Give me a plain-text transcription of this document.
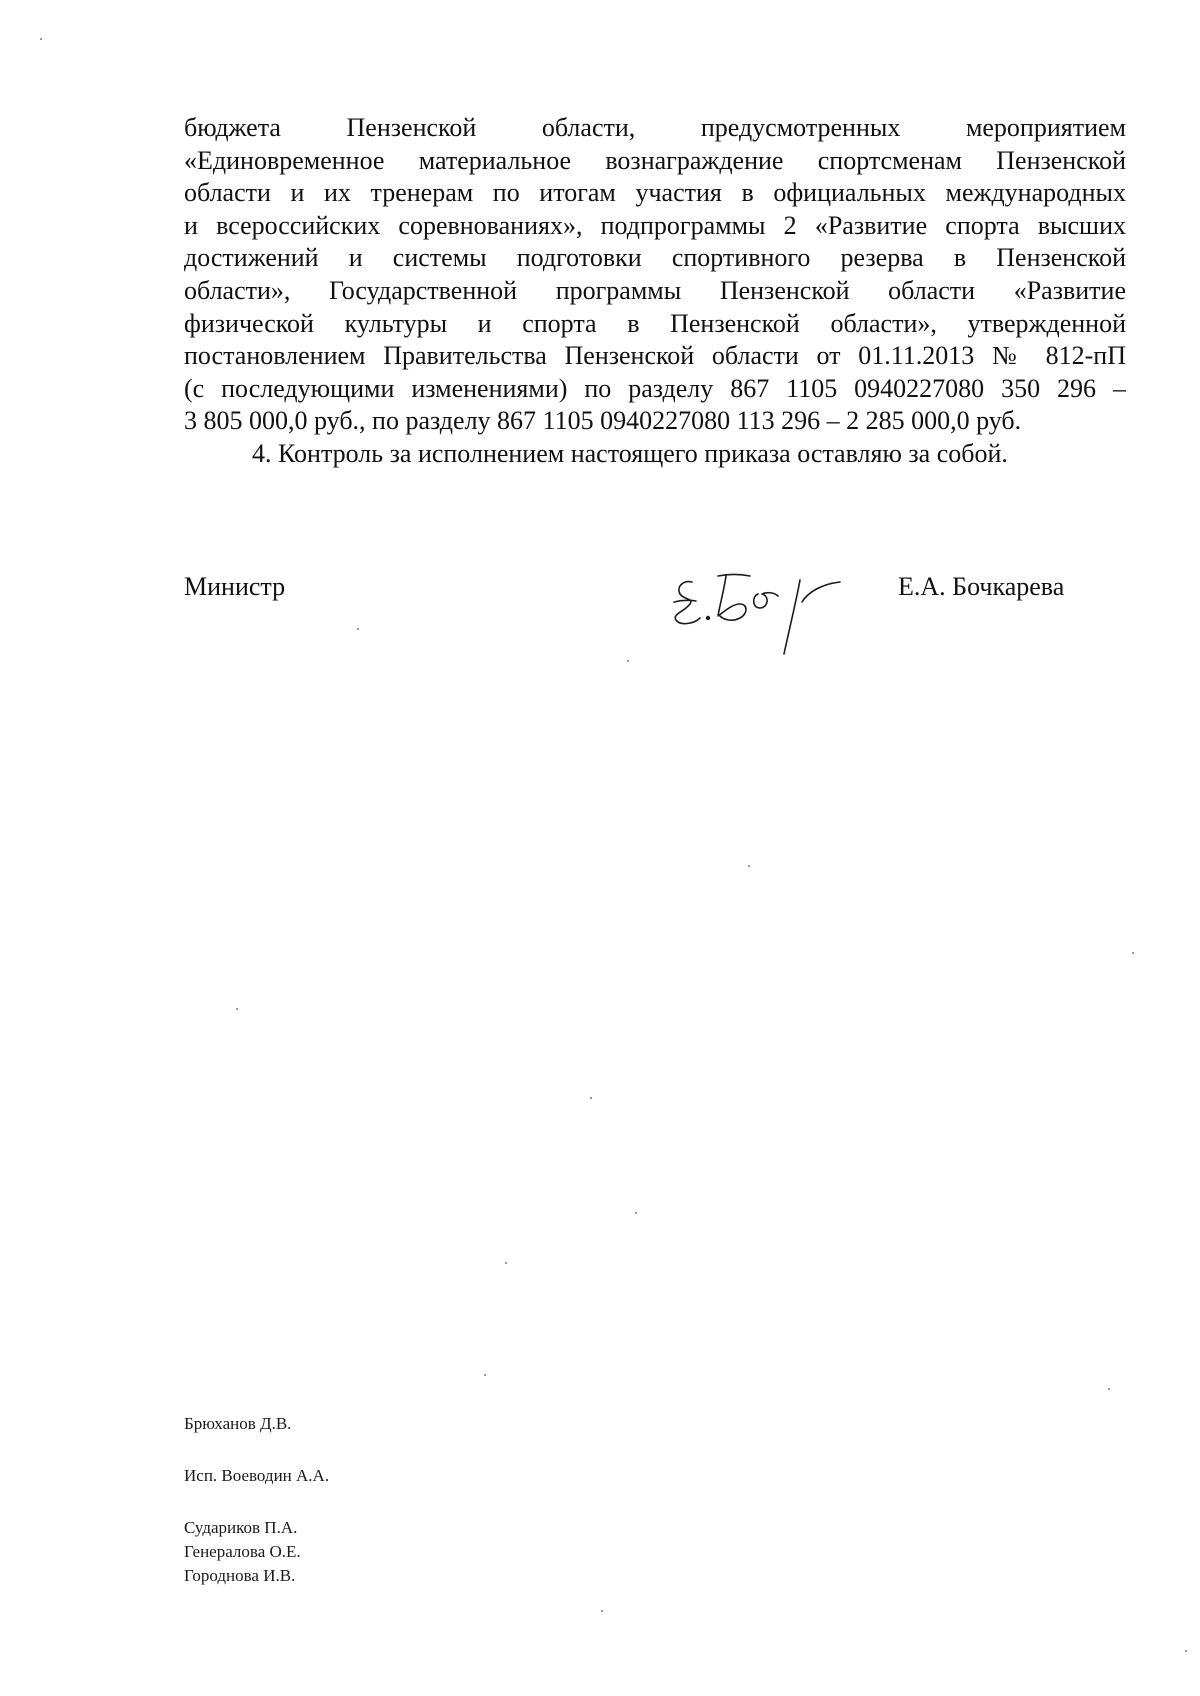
бюджета Пензенской области, предусмотренных мероприятием
«Единовременное материальное вознаграждение спортсменам Пензенской
области и их тренерам по итогам участия в официальных международных
и всероссийских соревнованиях», подпрограммы 2 «Развитие спорта высших
достижений и системы подготовки спортивного резерва в Пензенской
области», Государственной программы Пензенской области «Развитие
физической культуры и спорта в Пензенской области», утвержденной
постановлением Правительства Пензенской области от 01.11.2013 № 812-пП
(с последующими изменениями) по разделу 867 1105 0940227080 350 296 –
3 805 000,0 руб., по разделу 867 1105 0940227080 113 296 – 2 285 000,0 руб.
4. Контроль за исполнением настоящего приказа оставляю за собой.
Министр	Е.А. Бочкарева
Брюханов Д.В.
Исп. Воеводин А.А.
Судариков П.А.
Генералова О.Е.
Городнова И.В.
